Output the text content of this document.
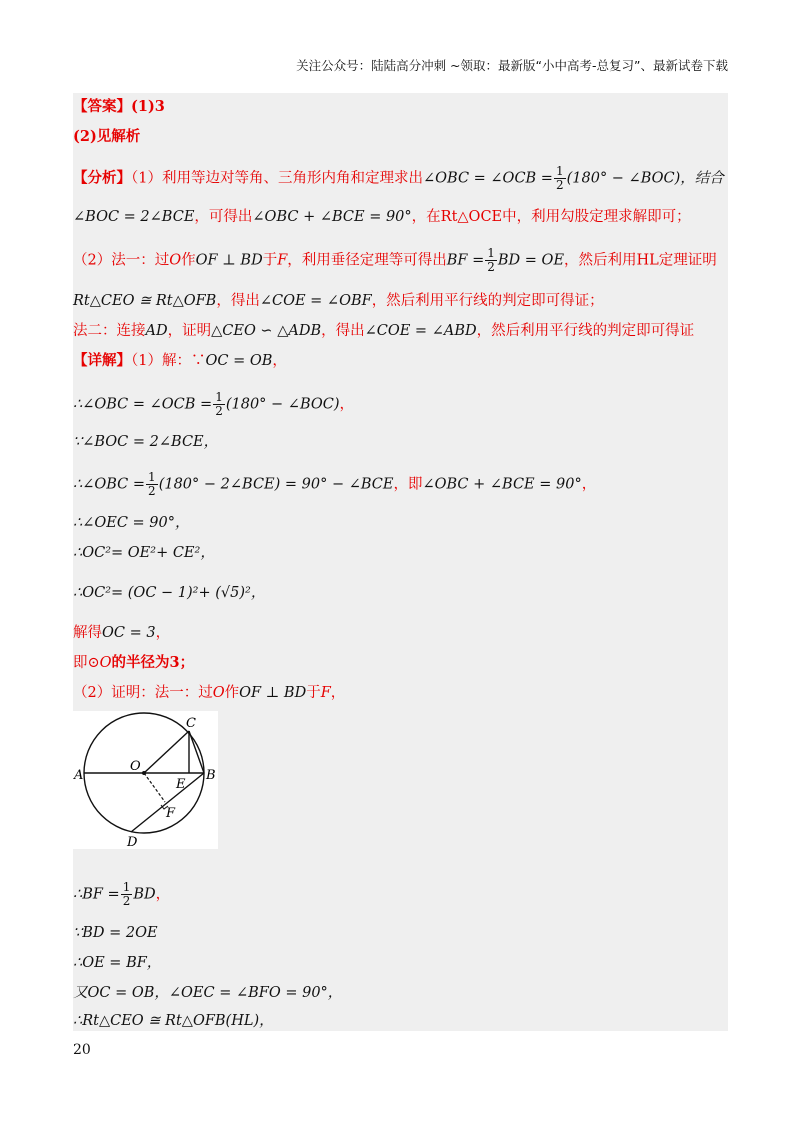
关注公众号：陆陆高分冲刺 ~领取：最新版“小中高考-总复习”、最新试卷下载
【答案】(1)3
(2)见解析
【分析】（1）利用等边对等角、三角形内角和定理求出∠OBC = ∠OCB = $\frac{1}{2} (180^\circ$ − ∠BOC)，结合
∠BOC = 2∠BCE，可得出∠OBC + ∠BCE = 90°，在Rt△OCE中，利用勾股定理求解即可；
（2）法一：过O作OF ⊥ BD于F，利用垂径定理等可得出BF = $\frac{1}{2}$ BD = OE，然后利用HL定理证明
Rt△CEO ≅ Rt△OFB，得出∠COE = ∠OBF，然后利用平行线的判定即可得证；
法二：连接AD，证明△CEO ∽ △ADB，得出∠COE = ∠ABD，然后利用平行线的判定即可得证
【详解】（1）解：∵OC = OB，
∴∠OBC = ∠OCB = $\frac{1}{2} (180^\circ$ − ∠BOC)，
∵∠BOC = 2∠BCE，
∴∠OBC = $\frac{1}{2} (180^\circ$ − 2∠BCE) = 90° − ∠BCE，即∠OBC + ∠BCE = 90°，
∴∠OEC = 90°，
∴OC²= OE²+ CE²，
∴OC²= (OC − 1)²+ (√5)²，
解得OC = 3，
即⊙O的半径为3；
（2）证明：法一：过O作OF ⊥ BD于F，
A	B
C
D
E
F
O
∴BF = $\frac{1}{2}$ BD，
∵BD = 2OE
∴OE = BF，
又OC = OB，∠OEC = ∠BFO = 90°，
∴Rt△CEO ≅ Rt△OFB(HL)，
20
